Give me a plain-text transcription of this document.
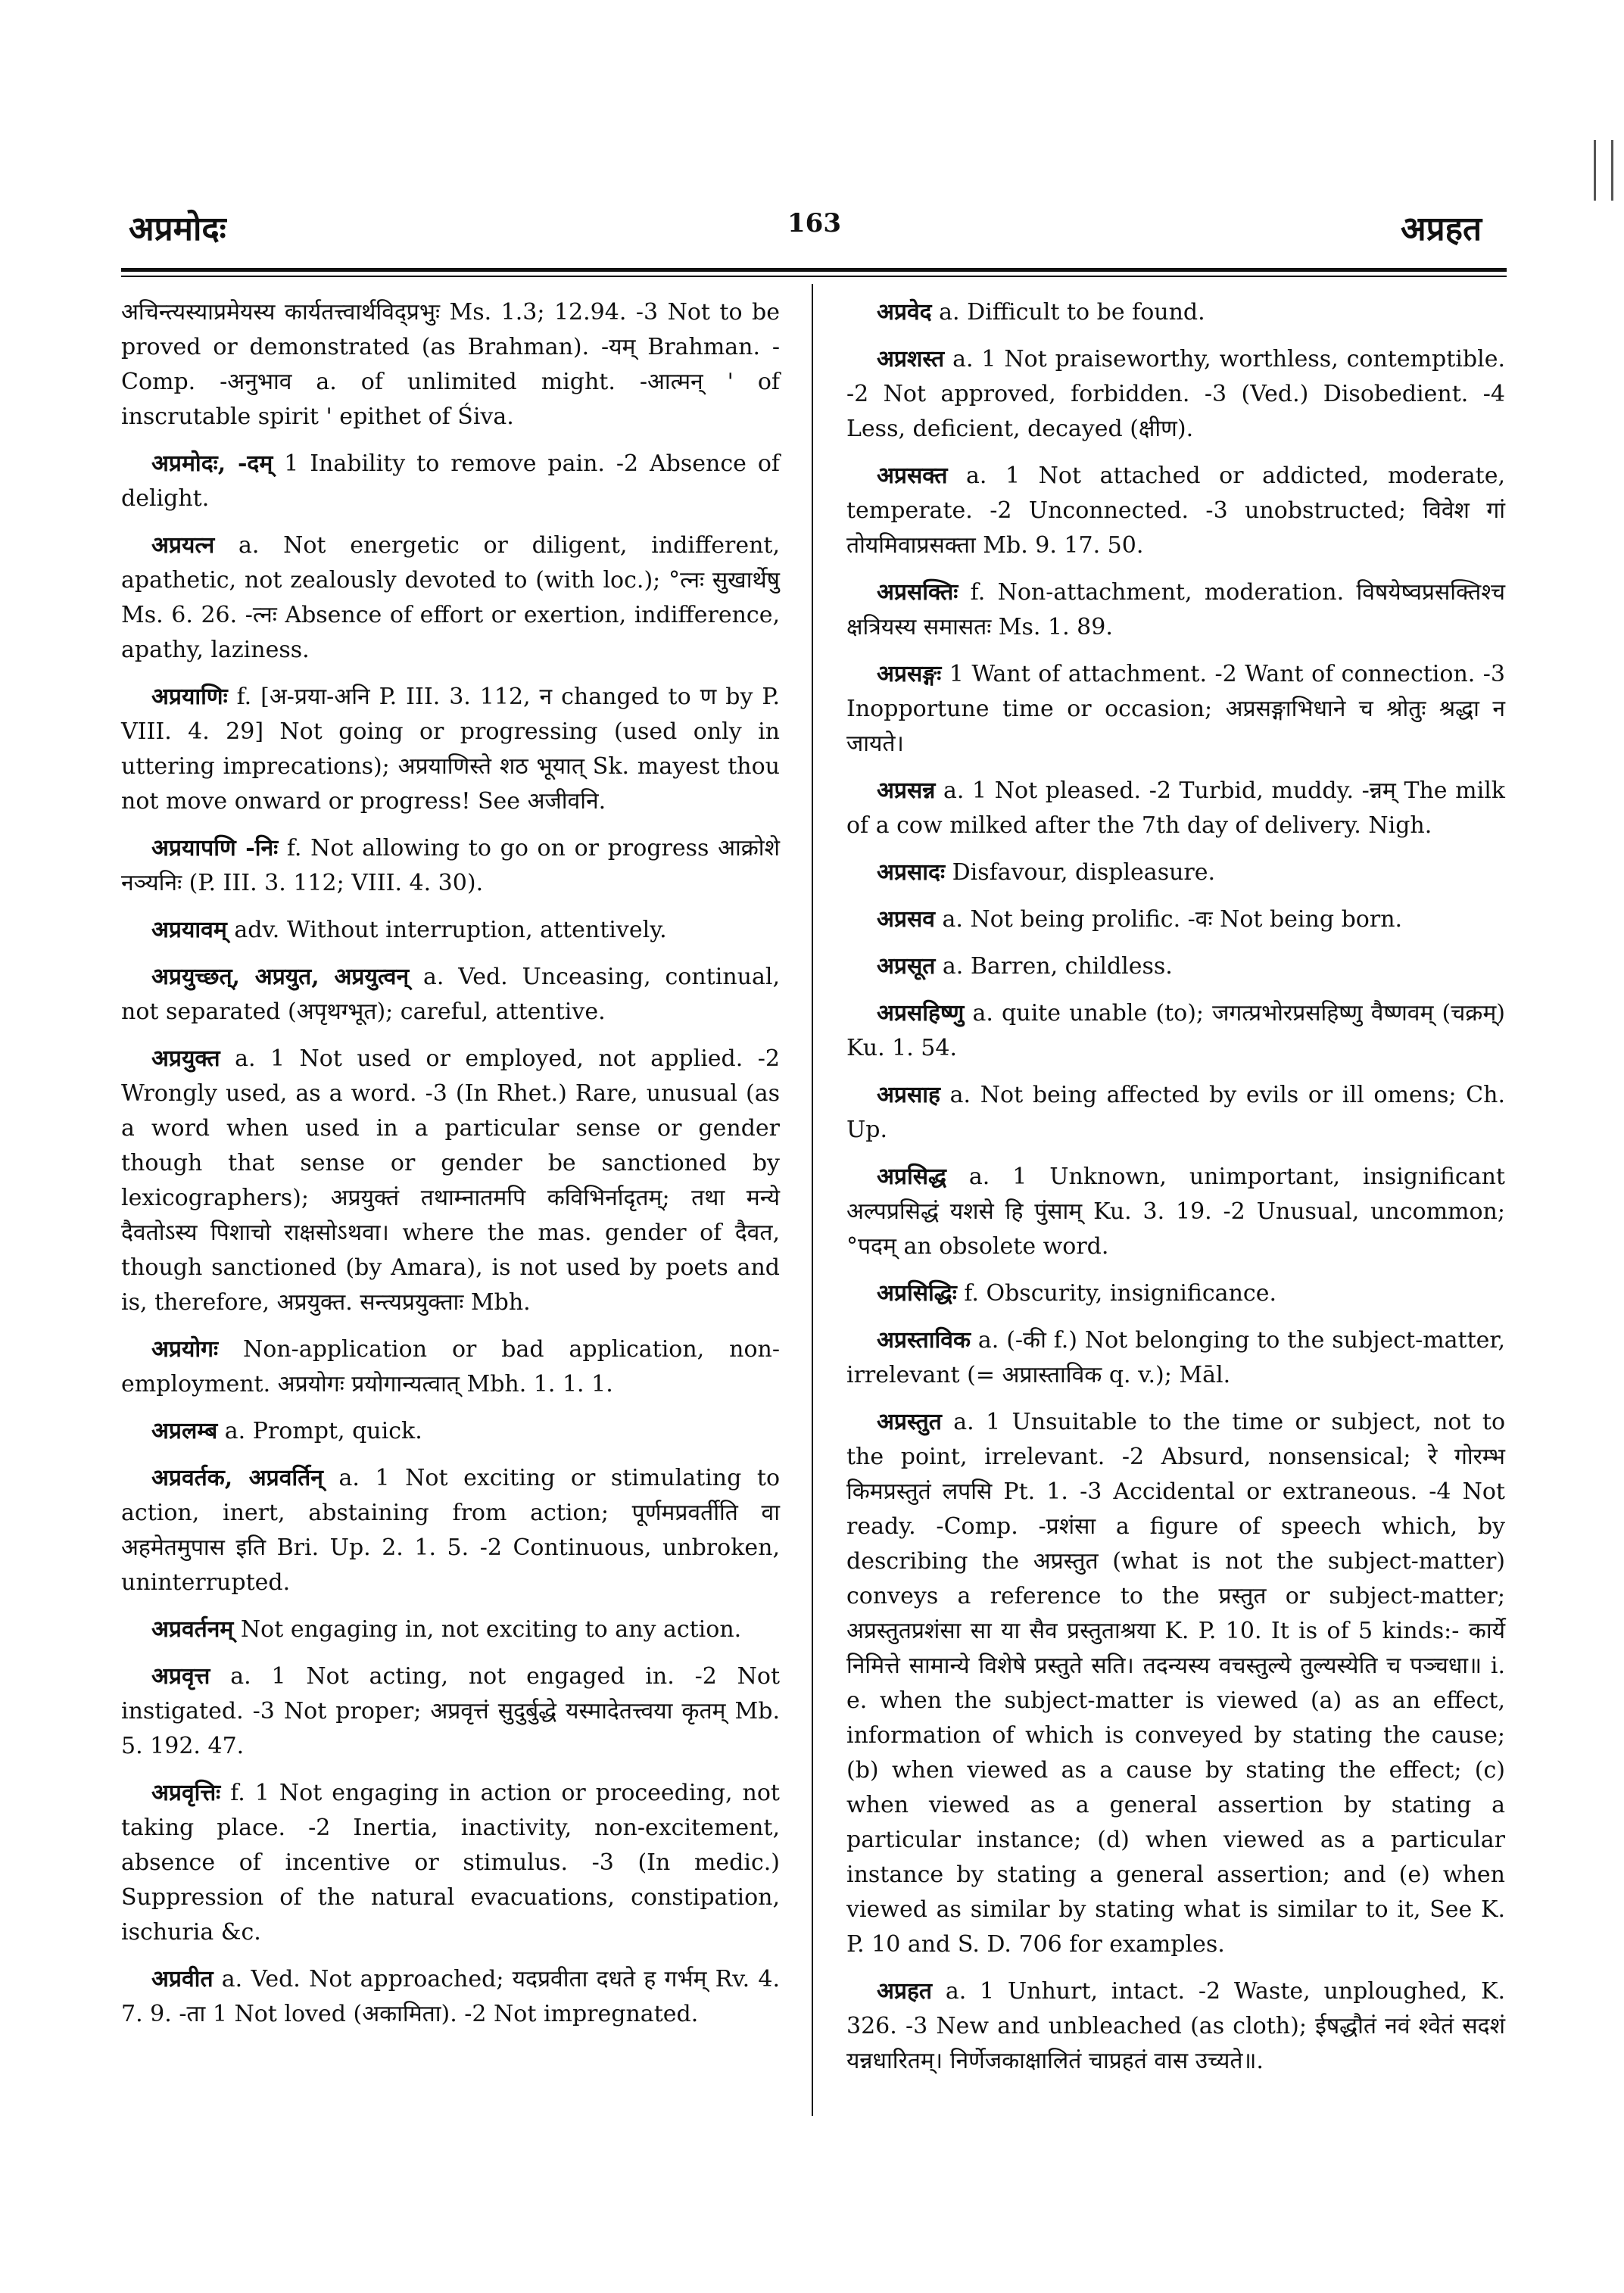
अप्रमोदः	163	अप्रहत

अचिन्त्यस्याप्रमेयस्य कार्यतत्त्वार्थविद्प्रभुः Ms. 1.3; 12.94. -3 Not to be proved or demonstrated (as Brahman). -यम् Brahman. -Comp. -अनुभाव a. of unlimited might. -आत्मन् ' of inscrutable spirit ' epithet of Śiva.

अप्रमोदः, -दम् 1 Inability to remove pain. -2 Absence of delight.

अप्रयत्न a. Not energetic or diligent, indifferent, apathetic, not zealously devoted to (with loc.); °त्नः सुखार्थेषु Ms. 6. 26. -त्नः Absence of effort or exertion, indifference, apathy, laziness.

अप्रयाणिः f. [अ-प्रया-अनि P. III. 3. 112, न changed to ण by P. VIII. 4. 29] Not going or progressing (used only in uttering imprecations); अप्रयाणिस्ते शठ भूयात् Sk. mayest thou not move onward or progress! See अजीवनि.

अप्रयापणि -निः f. Not allowing to go on or progress आक्रोशे नञ्यनिः (P. III. 3. 112; VIII. 4. 30).

अप्रयावम् adv. Without interruption, attentively.

अप्रयुच्छत्, अप्रयुत, अप्रयुत्वन् a. Ved. Unceasing, continual, not separated (अपृथग्भूत); careful, attentive.

अप्रयुक्त a. 1 Not used or employed, not applied. -2 Wrongly used, as a word. -3 (In Rhet.) Rare, unusual (as a word when used in a particular sense or gender though that sense or gender be sanctioned by lexicographers); अप्रयुक्तं तथाम्नातमपि कविभिर्नादृतम्; तथा मन्ये दैवतोऽस्य पिशाचो राक्षसोऽथवा। where the mas. gender of दैवत, though sanctioned (by Amara), is not used by poets and is, therefore, अप्रयुक्त. सन्त्यप्रयुक्ताः Mbh.

अप्रयोगः Non-application or bad application, non-employment. अप्रयोगः प्रयोगान्यत्वात् Mbh. 1. 1. 1.

अप्रलम्ब a. Prompt, quick.

अप्रवर्तक, अप्रवर्तिन् a. 1 Not exciting or stimulating to action, inert, abstaining from action; पूर्णमप्रवर्तीति वा अहमेतमुपास इति Bri. Up. 2. 1. 5. -2 Continuous, unbroken, uninterrupted.

अप्रवर्तनम् Not engaging in, not exciting to any action.

अप्रवृत्त a. 1 Not acting, not engaged in. -2 Not instigated. -3 Not proper; अप्रवृत्तं सुदुर्बुद्धे यस्मादेतत्त्वया कृतम् Mb. 5. 192. 47.

अप्रवृत्तिः f. 1 Not engaging in action or proceeding, not taking place. -2 Inertia, inactivity, non-excitement, absence of incentive or stimulus. -3 (In medic.) Suppression of the natural evacuations, constipation, ischuria &c.

अप्रवीत a. Ved. Not approached; यदप्रवीता दधते ह गर्भम् Rv. 4. 7. 9. -ता 1 Not loved (अकामिता). -2 Not impregnated.

अप्रवेद a. Difficult to be found.

अप्रशस्त a. 1 Not praiseworthy, worthless, contemptible. -2 Not approved, forbidden. -3 (Ved.) Disobedient. -4 Less, deficient, decayed (क्षीण).

अप्रसक्त a. 1 Not attached or addicted, moderate, temperate. -2 Unconnected. -3 unobstructed; विवेश गां तोयमिवाप्रसक्ता Mb. 9. 17. 50.

अप्रसक्तिः f. Non-attachment, moderation. विषयेष्वप्रसक्तिश्च क्षत्रियस्य समासतः Ms. 1. 89.

अप्रसङ्गः 1 Want of attachment. -2 Want of connection. -3 Inopportune time or occasion; अप्रसङ्गाभिधाने च श्रोतुः श्रद्धा न जायते।

अप्रसन्न a. 1 Not pleased. -2 Turbid, muddy. -न्नम् The milk of a cow milked after the 7th day of delivery. Nigh.

अप्रसादः Disfavour, displeasure.

अप्रसव a. Not being prolific. -वः Not being born.

अप्रसूत a. Barren, childless.

अप्रसहिष्णु a. quite unable (to); जगत्प्रभोरप्रसहिष्णु वैष्णवम् (चक्रम्) Ku. 1. 54.

अप्रसाह a. Not being affected by evils or ill omens; Ch. Up.

अप्रसिद्ध a. 1 Unknown, unimportant, insignificant अल्पप्रसिद्धं यशसे हि पुंसाम् Ku. 3. 19. -2 Unusual, uncommon; °पदम् an obsolete word.

अप्रसिद्धिः f. Obscurity, insignificance.

अप्रस्ताविक a. (-की f.) Not belonging to the subject-matter, irrelevant (= अप्रास्ताविक q. v.); Māl.

अप्रस्तुत a. 1 Unsuitable to the time or subject, not to the point, irrelevant. -2 Absurd, nonsensical; रे गोरम्भ किमप्रस्तुतं लपसि Pt. 1. -3 Accidental or extraneous. -4 Not ready. -Comp. -प्रशंसा a figure of speech which, by describing the अप्रस्तुत (what is not the subject-matter) conveys a reference to the प्रस्तुत or subject-matter; अप्रस्तुतप्रशंसा सा या सैव प्रस्तुताश्रया K. P. 10. It is of 5 kinds:- कार्ये निमित्ते सामान्ये विशेषे प्रस्तुते सति। तदन्यस्य वचस्तुल्ये तुल्यस्येति च पञ्चधा॥ i. e. when the subject-matter is viewed (a) as an effect, information of which is conveyed by stating the cause; (b) when viewed as a cause by stating the effect; (c) when viewed as a general assertion by stating a particular instance; (d) when viewed as a particular instance by stating a general assertion; and (e) when viewed as similar by stating what is similar to it, See K. P. 10 and S. D. 706 for examples.

अप्रहत a. 1 Unhurt, intact. -2 Waste, unploughed, K. 326. -3 New and unbleached (as cloth); ईषद्धौतं नवं श्वेतं सदशं यन्नधारितम्। निर्णेजकाक्षालितं चाप्रहतं वास उच्यते॥.
